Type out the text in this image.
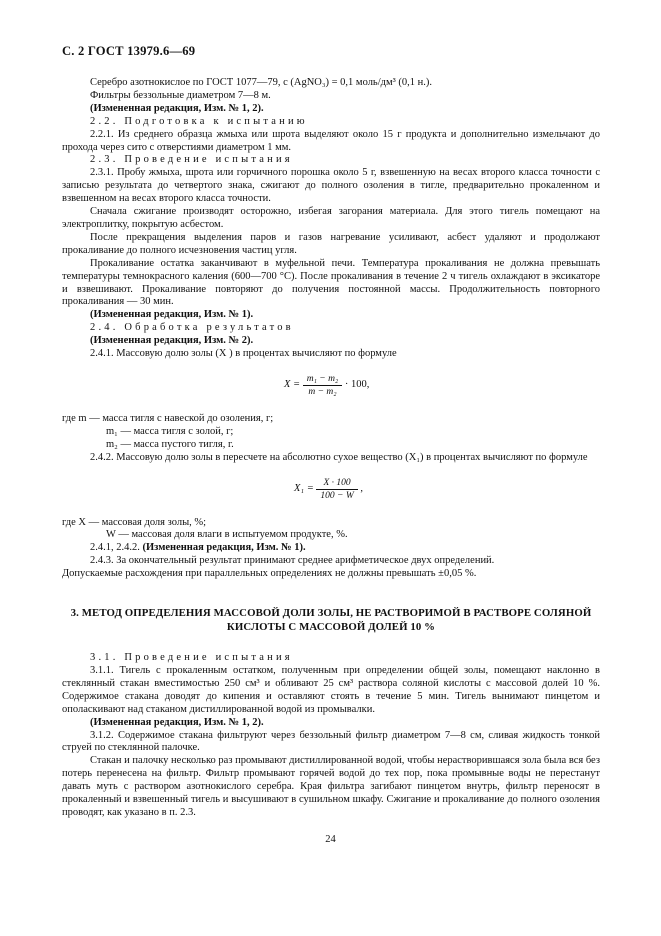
С. 2 ГОСТ 13979.6—69

Серебро азотнокислое по ГОСТ 1077—79, с (AgNO₃) = 0,1 моль/дм³ (0,1 н.).

Фильтры беззольные диаметром 7—8 м.

(Измененная редакция, Изм. № 1, 2).

2.2. Подготовка к испытанию

2.2.1. Из среднего образца жмыха или шрота выделяют около 15 г продукта и дополнительно измельчают до прохода через сито с отверстиями диаметром 1 мм.

2.3. Проведение испытания

2.3.1. Пробу жмыха, шрота или горчичного порошка около 5 г, взвешенную на весах второго класса точности с записью результата до четвертого знака, сжигают до полного озоления в тигле, предварительно прокаленном и взвешенном на весах второго класса точности.

Сначала сжигание производят осторожно, избегая загорания материала. Для этого тигель помещают на электроплитку, покрытую асбестом.

После прекращения выделения паров и газов нагревание усиливают, асбест удаляют и продолжают прокаливание до полного исчезновения частиц угля.

Прокаливание остатка заканчивают в муфельной печи. Температура прокаливания не должна превышать температуры темнокрасного каления (600—700 °С). После прокаливания в течение 2 ч тигель охлаждают в эксикаторе и взвешивают. Прокаливание повторяют до получения постоянной массы. Продолжительность повторного прокаливания — 30 мин.

(Измененная редакция, Изм. № 1).

2.4. Обработка результатов

(Измененная редакция, Изм. № 2).

2.4.1. Массовую долю золы (X ) в процентах вычисляют по формуле

$X = \frac{\text{m₁ − m₂}}{\text{m − m₂}} \cdot 100$,

где m — масса тигля с навеской до озоления, г;

m₁ — масса тигля с золой, г;

m₂ — масса пустого тигля, г.

2.4.2. Массовую долю золы в пересчете на абсолютно сухое вещество (X₁) в процентах вычисляют по формуле

$X_1 = \frac{X \cdot 100}{100 - W}$ ,

где X — массовая доля золы, %;

W — массовая доля влаги в испытуемом продукте, %.

2.4.1, 2.4.2. (Измененная редакция, Изм. № 1).

2.4.3. За окончательный результат принимают среднее арифметическое двух определений.

Допускаемые расхождения при параллельных определениях не должны превышать ±0,05 %.

3. МЕТОД ОПРЕДЕЛЕНИЯ МАССОВОЙ ДОЛИ ЗОЛЫ, НЕ РАСТВОРИМОЙ В РАСТВОРЕ СОЛЯНОЙ КИСЛОТЫ С МАССОВОЙ ДОЛЕЙ 10 %

3.1. Проведение испытания

3.1.1. Тигель с прокаленным остатком, полученным при определении общей золы, помещают наклонно в стеклянный стакан вместимостью 250 см³ и обливают 25 см³ раствора соляной кислоты с массовой долей 10 %. Содержимое стакана доводят до кипения и оставляют стоять в течение 5 мин. Тигель вынимают пинцетом и ополаскивают над стаканом дистиллированной водой из промывалки.

(Измененная редакция, Изм. № 1, 2).

3.1.2. Содержимое стакана фильтруют через беззольный фильтр диаметром 7—8 см, сливая жидкость тонкой струей по стеклянной палочке.

Стакан и палочку несколько раз промывают дистиллированной водой, чтобы нерастворившаяся зола была вся без потерь перенесена на фильтр. Фильтр промывают горячей водой до тех пор, пока промывные воды не перестанут давать муть с раствором азотнокислого серебра. Края фильтра загибают пинцетом внутрь, фильтр переносят в прокаленный и взвешенный тигель и высушивают в сушильном шкафу. Сжигание и прокаливание до полного озоления проводят, как указано в п. 2.3.

24
